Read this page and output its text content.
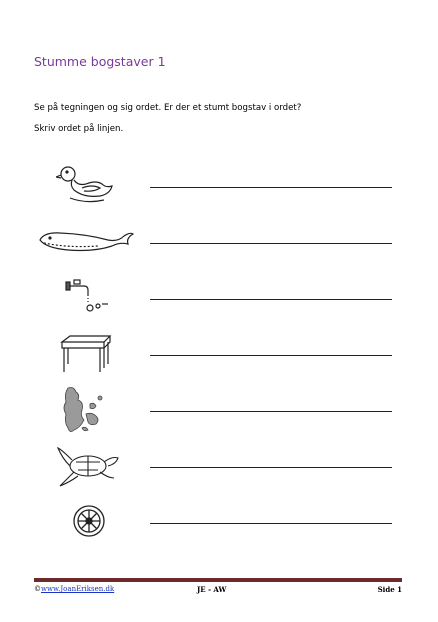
Stumme bogstaver 1
Se på tegningen og sig ordet. Er der et stumt bogstav i ordet?
Skriv ordet på linjen.
©www.JoanEriksen.dk	JE - AW	Side 1
